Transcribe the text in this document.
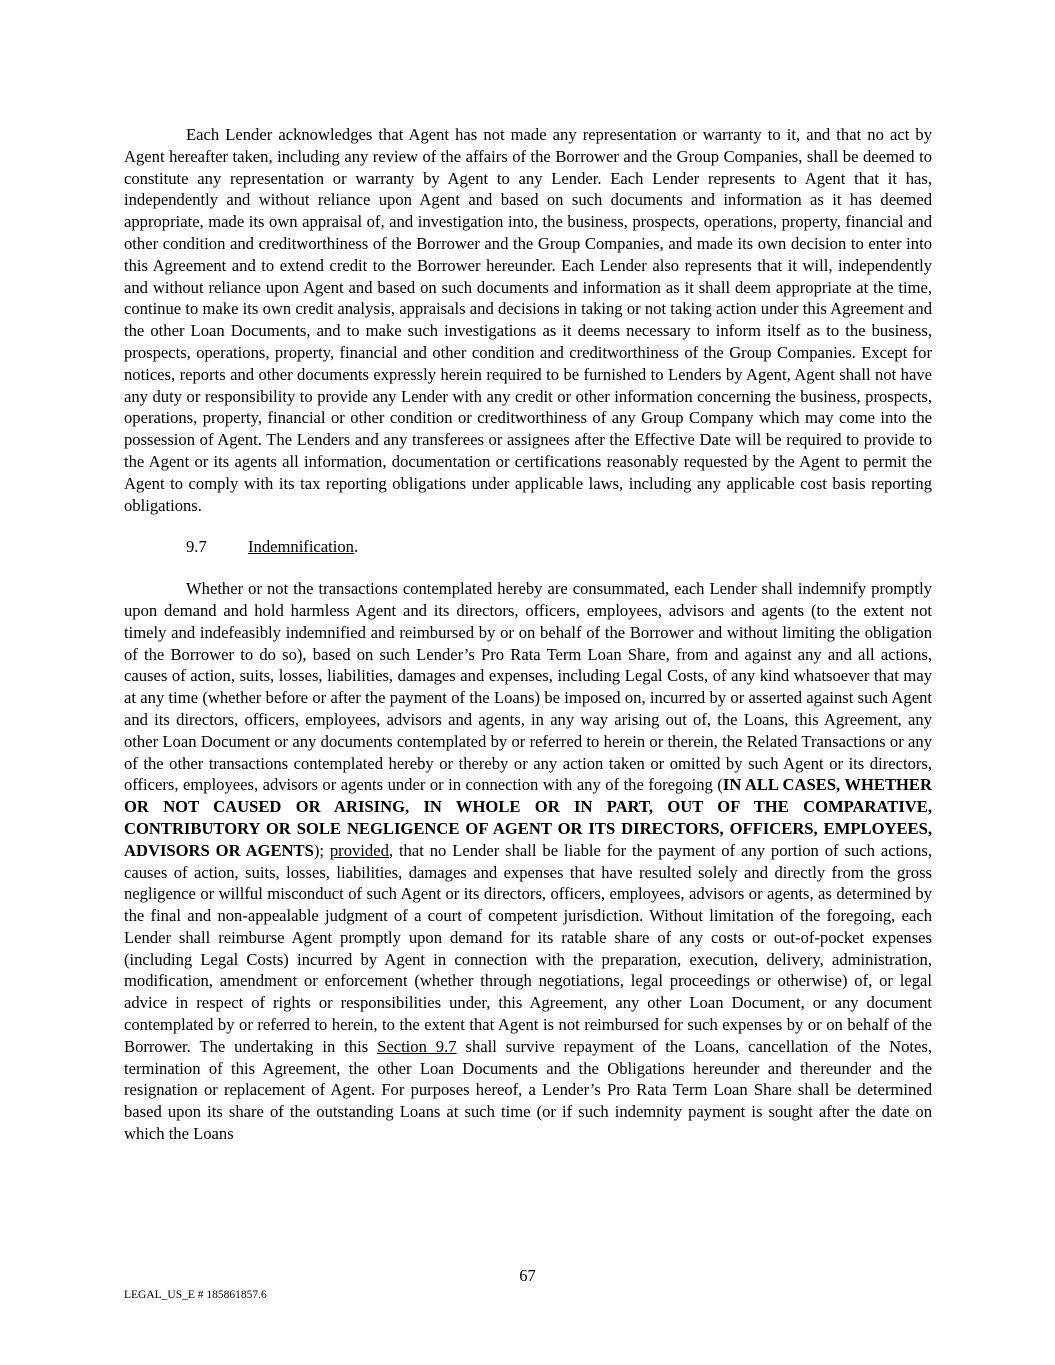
Each Lender acknowledges that Agent has not made any representation or warranty to it, and that no act by Agent hereafter taken, including any review of the affairs of the Borrower and the Group Companies, shall be deemed to constitute any representation or warranty by Agent to any Lender. Each Lender represents to Agent that it has, independently and without reliance upon Agent and based on such documents and information as it has deemed appropriate, made its own appraisal of, and investigation into, the business, prospects, operations, property, financial and other condition and creditworthiness of the Borrower and the Group Companies, and made its own decision to enter into this Agreement and to extend credit to the Borrower hereunder. Each Lender also represents that it will, independently and without reliance upon Agent and based on such documents and information as it shall deem appropriate at the time, continue to make its own credit analysis, appraisals and decisions in taking or not taking action under this Agreement and the other Loan Documents, and to make such investigations as it deems necessary to inform itself as to the business, prospects, operations, property, financial and other condition and creditworthiness of the Group Companies. Except for notices, reports and other documents expressly herein required to be furnished to Lenders by Agent, Agent shall not have any duty or responsibility to provide any Lender with any credit or other information concerning the business, prospects, operations, property, financial or other condition or creditworthiness of any Group Company which may come into the possession of Agent. The Lenders and any transferees or assignees after the Effective Date will be required to provide to the Agent or its agents all information, documentation or certifications reasonably requested by the Agent to permit the Agent to comply with its tax reporting obligations under applicable laws, including any applicable cost basis reporting obligations.

9.7 Indemnification.

Whether or not the transactions contemplated hereby are consummated, each Lender shall indemnify promptly upon demand and hold harmless Agent and its directors, officers, employees, advisors and agents (to the extent not timely and indefeasibly indemnified and reimbursed by or on behalf of the Borrower and without limiting the obligation of the Borrower to do so), based on such Lender’s Pro Rata Term Loan Share, from and against any and all actions, causes of action, suits, losses, liabilities, damages and expenses, including Legal Costs, of any kind whatsoever that may at any time (whether before or after the payment of the Loans) be imposed on, incurred by or asserted against such Agent and its directors, officers, employees, advisors and agents, in any way arising out of, the Loans, this Agreement, any other Loan Document or any documents contemplated by or referred to herein or therein, the Related Transactions or any of the other transactions contemplated hereby or thereby or any action taken or omitted by such Agent or its directors, officers, employees, advisors or agents under or in connection with any of the foregoing (IN ALL CASES, WHETHER OR NOT CAUSED OR ARISING, IN WHOLE OR IN PART, OUT OF THE COMPARATIVE, CONTRIBUTORY OR SOLE NEGLIGENCE OF AGENT OR ITS DIRECTORS, OFFICERS, EMPLOYEES, ADVISORS OR AGENTS); provided, that no Lender shall be liable for the payment of any portion of such actions, causes of action, suits, losses, liabilities, damages and expenses that have resulted solely and directly from the gross negligence or willful misconduct of such Agent or its directors, officers, employees, advisors or agents, as determined by the final and non-appealable judgment of a court of competent jurisdiction. Without limitation of the foregoing, each Lender shall reimburse Agent promptly upon demand for its ratable share of any costs or out-of-pocket expenses (including Legal Costs) incurred by Agent in connection with the preparation, execution, delivery, administration, modification, amendment or enforcement (whether through negotiations, legal proceedings or otherwise) of, or legal advice in respect of rights or responsibilities under, this Agreement, any other Loan Document, or any document contemplated by or referred to herein, to the extent that Agent is not reimbursed for such expenses by or on behalf of the Borrower. The undertaking in this Section 9.7 shall survive repayment of the Loans, cancellation of the Notes, termination of this Agreement, the other Loan Documents and the Obligations hereunder and thereunder and the resignation or replacement of Agent. For purposes hereof, a Lender’s Pro Rata Term Loan Share shall be determined based upon its share of the outstanding Loans at such time (or if such indemnity payment is sought after the date on which the Loans

67
LEGAL_US_E # 185861857.6
